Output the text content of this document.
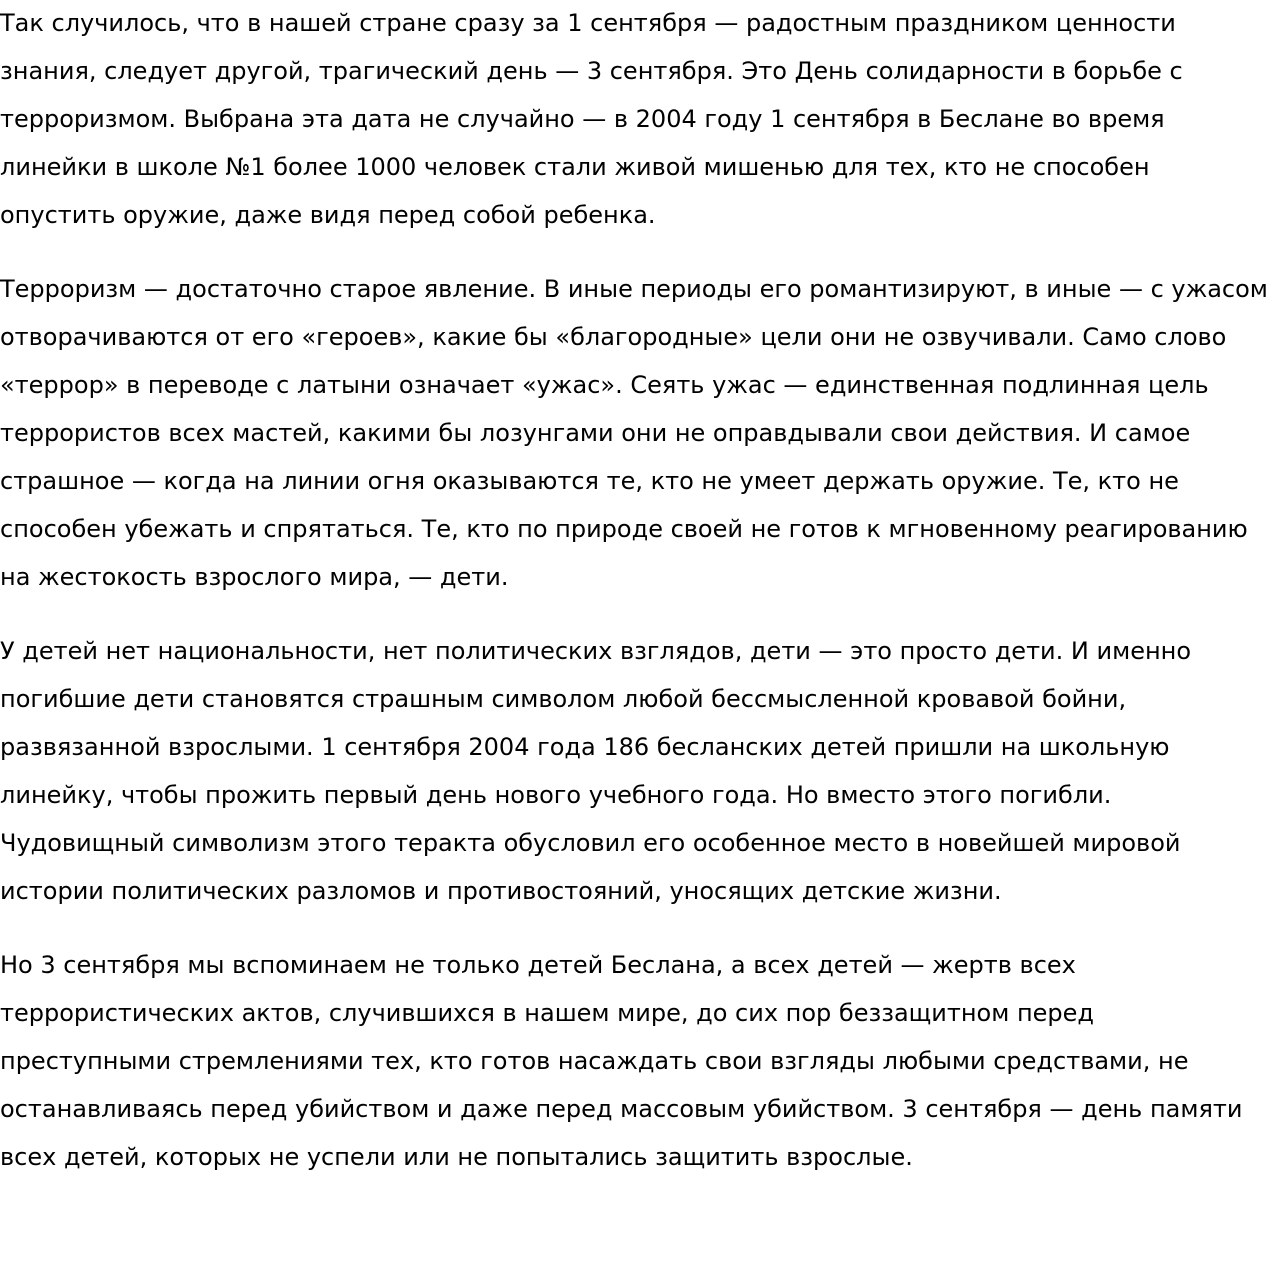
Так случилось, что в нашей стране сразу за 1 сентября — радостным праздником ценности знания, следует другой, трагический день — 3 сентября. Это День солидарности в борьбе с терроризмом. Выбрана эта дата не случайно — в 2004 году 1 сентября в Беслане во время линейки в школе №1 более 1000 человек стали живой мишенью для тех, кто не способен опустить оружие, даже видя перед собой ребенка.

Терроризм — достаточно старое явление. В иные периоды его романтизируют, в иные — с ужасом отворачиваются от его «героев», какие бы «благородные» цели они не озвучивали. Само слово «террор» в переводе с латыни означает «ужас». Сеять ужас — единственная подлинная цель террористов всех мастей, какими бы лозунгами они не оправдывали свои действия. И самое страшное — когда на линии огня оказываются те, кто не умеет держать оружие. Те, кто не способен убежать и спрятаться. Те, кто по природе своей не готов к мгновенному реагированию на жестокость взрослого мира, — дети.

У детей нет национальности, нет политических взглядов, дети — это просто дети. И именно погибшие дети становятся страшным символом любой бессмысленной кровавой бойни, развязанной взрослыми. 1 сентября 2004 года 186 бесланских детей пришли на школьную линейку, чтобы прожить первый день нового учебного года. Но вместо этого погибли. Чудовищный символизм этого теракта обусловил его особенное место в новейшей мировой истории политических разломов и противостояний, уносящих детские жизни.

Но 3 сентября мы вспоминаем не только детей Беслана, а всех детей — жертв всех террористических актов, случившихся в нашем мире, до сих пор беззащитном перед преступными стремлениями тех, кто готов насаждать свои взгляды любыми средствами, не останавливаясь перед убийством и даже перед массовым убийством. 3 сентября — день памяти всех детей, которых не успели или не попытались защитить взрослые.
